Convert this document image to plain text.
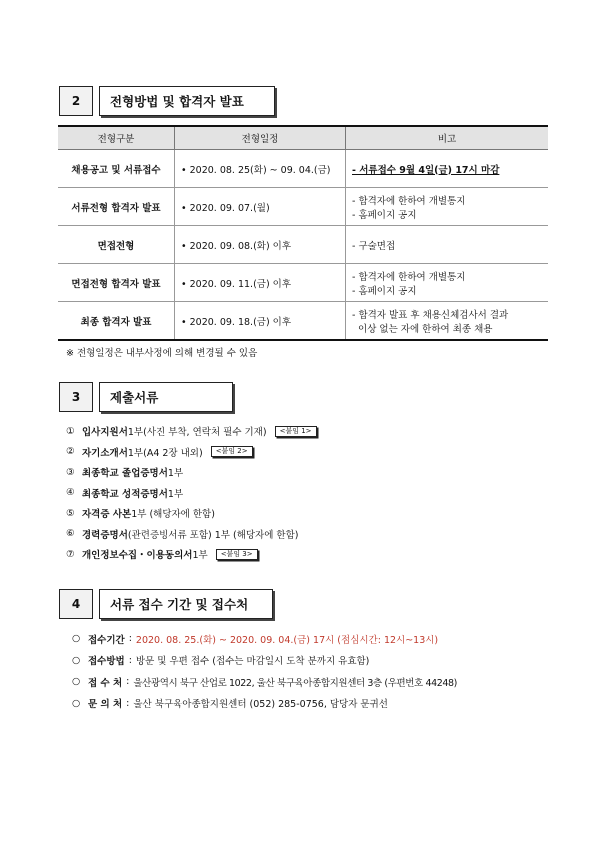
2	전형방법 및 합격자 발표
전형구분	전형일정	비고
채용공고 및 서류접수	• 2020. 08. 25(화) ~ 09. 04.(금)	- 서류접수 9월 4일(금) 17시 마감

서류전형 합격자 발표	• 2020. 09. 07.(월)	- 합격자에 한하여 개별통지
- 홈페이지 공지

면접전형	• 2020. 09. 08.(화) 이후	- 구술면접

면접전형 합격자 발표	• 2020. 09. 11.(금) 이후	- 합격자에 한하여 개별통지
- 홈페이지 공지

최종 합격자 발표	• 2020. 09. 18.(금) 이후	- 합격자 발표 후 채용신체검사서 결과
이상 없는 자에 한하여 최종 채용
※ 전형일정은 내부사정에 의해 변경될 수 있음
3	제출서류
① 입사지원서 1부(사진 부착, 연락처 필수 기재)	<붙임 1>
② 자기소개서 1부(A4 2장 내외)	<붙임 2>
③ 최종학교 졸업증명서 1부
④ 최종학교 성적증명서 1부
⑤ 자격증 사본 1부 (해당자에 한함)
⑥ 경력증명서 (관련증빙서류 포함) 1부 (해당자에 한함)
⑦ 개인정보수집・이용동의서 1부	<붙임 3>
4	서류 접수 기간 및 접수처
○ 접수기간 : 2020. 08. 25.(화) ~ 2020. 09. 04.(금) 17시 (점심시간: 12시~13시)
○ 접수방법 : 방문 및 우편 접수 (접수는 마감일시 도착 분까지 유효함)
○ 접 수 처 : 울산광역시 북구 산업로 1022, 울산 북구육아종합지원센터 3층 (우편번호 44248)
○ 문 의 처 : 울산 북구육아종합지원센터 (052) 285-0756, 담당자 문귀선
